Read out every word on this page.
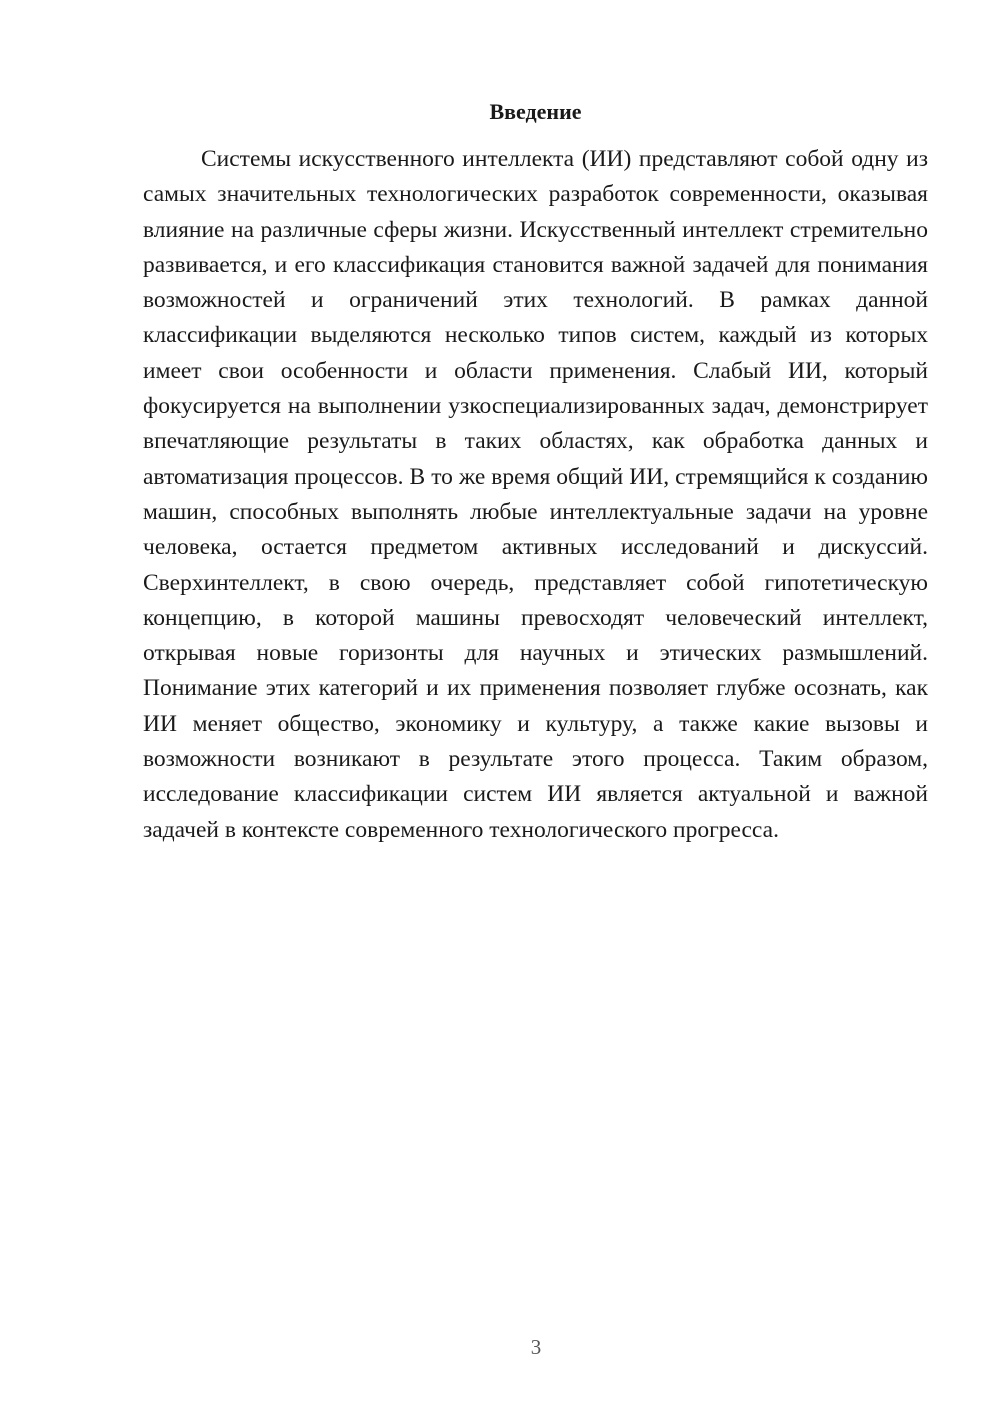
Введение

Системы искусственного интеллекта (ИИ) представляют собой одну из самых значительных технологических разработок современности, оказывая влияние на различные сферы жизни. Искусственный интеллект стремительно развивается, и его классификация становится важной задачей для понимания возможностей и ограничений этих технологий. В рамках данной классификации выделяются несколько типов систем, каждый из которых имеет свои особенности и области применения. Слабый ИИ, который фокусируется на выполнении узкоспециализированных задач, демонстрирует впечатляющие результаты в таких областях, как обработка данных и автоматизация процессов. В то же время общий ИИ, стремящийся к созданию машин, способных выполнять любые интеллектуальные задачи на уровне человека, остается предметом активных исследований и дискуссий. Сверхинтеллект, в свою очередь, представляет собой гипотетическую концепцию, в которой машины превосходят человеческий интеллект, открывая новые горизонты для научных и этических размышлений. Понимание этих категорий и их применения позволяет глубже осознать, как ИИ меняет общество, экономику и культуру, а также какие вызовы и возможности возникают в результате этого процесса. Таким образом, исследование классификации систем ИИ является актуальной и важной задачей в контексте современного технологического прогресса.

3
